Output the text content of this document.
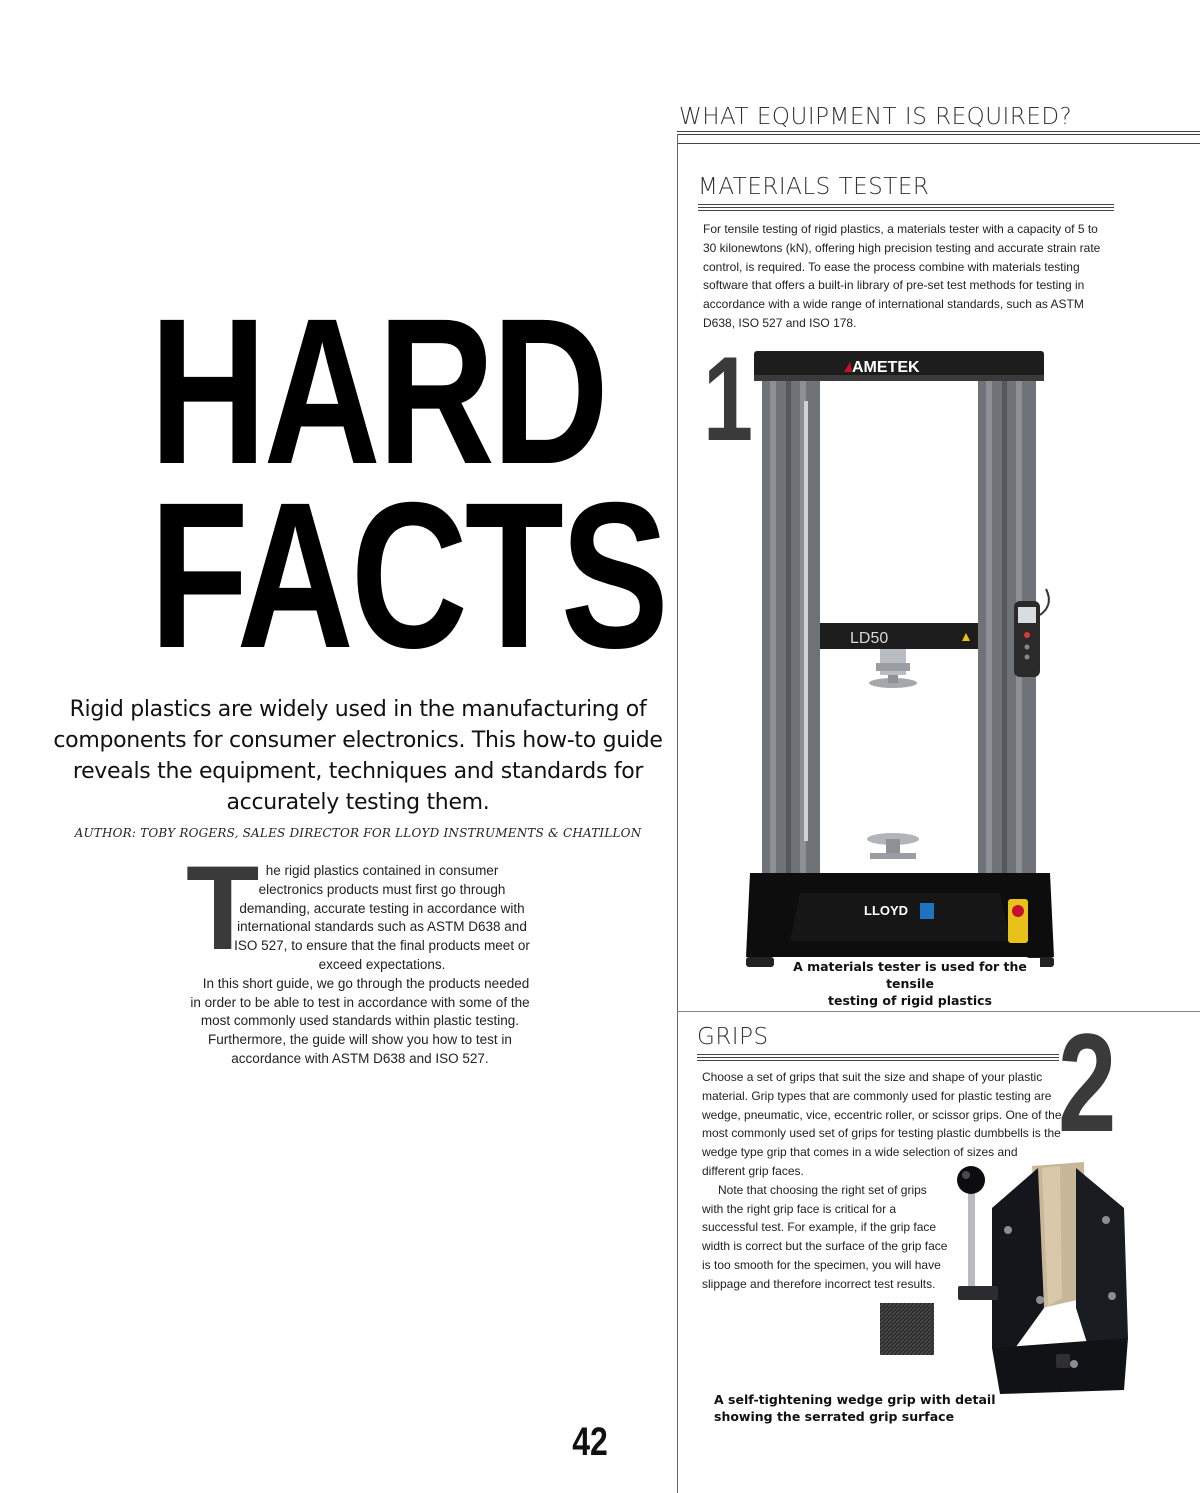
HARD
FACTS
Rigid plastics are widely used in the manufacturing of components for consumer electronics. This how-to guide reveals the equipment, techniques and standards for accurately testing them.
AUTHOR: TOBY ROGERS, SALES DIRECTOR FOR LLOYD INSTRUMENTS & CHATILLON
T he rigid plastics contained in consumer electronics products must first go through demanding, accurate testing in accordance with international standards such as ASTM D638 and ISO 527, to ensure that the final products meet or exceed expectations.

In this short guide, we go through the products needed in order to be able to test in accordance with some of the most commonly used standards within plastic testing. Furthermore, the guide will show you how to test in accordance with ASTM D638 and ISO 527.

42
WHAT EQUIPMENT IS REQUIRED?
MATERIALS TESTER
For tensile testing of rigid plastics, a materials tester with a capacity of 5 to 30 kilonewtons (kN), offering high precision testing and accurate strain rate control, is required. To ease the process combine with materials testing software that offers a built-in library of pre-set test methods for testing in accordance with a wide range of international standards, such as ASTM D638, ISO 527 and ISO 178.
1
LD50
LLOYD
AMETEK
A materials tester is used for the tensile
testing of rigid plastics
GRIPS 2

Choose a set of grips that suit the size and shape of your plastic material. Grip types that are commonly used for plastic testing are wedge, pneumatic, vice, eccentric roller, or scissor grips. One of the most commonly used set of grips for testing plastic dumbbells is the wedge type grip that comes in a wide selection of sizes and different grip faces.

Note that choosing the right set of grips with the right grip face is critical for a successful test. For example, if the grip face width is correct but the surface of the grip face is too smooth for the specimen, you will have slippage and therefore incorrect test results.

A self-tightening wedge grip with detail
showing the serrated grip surface
